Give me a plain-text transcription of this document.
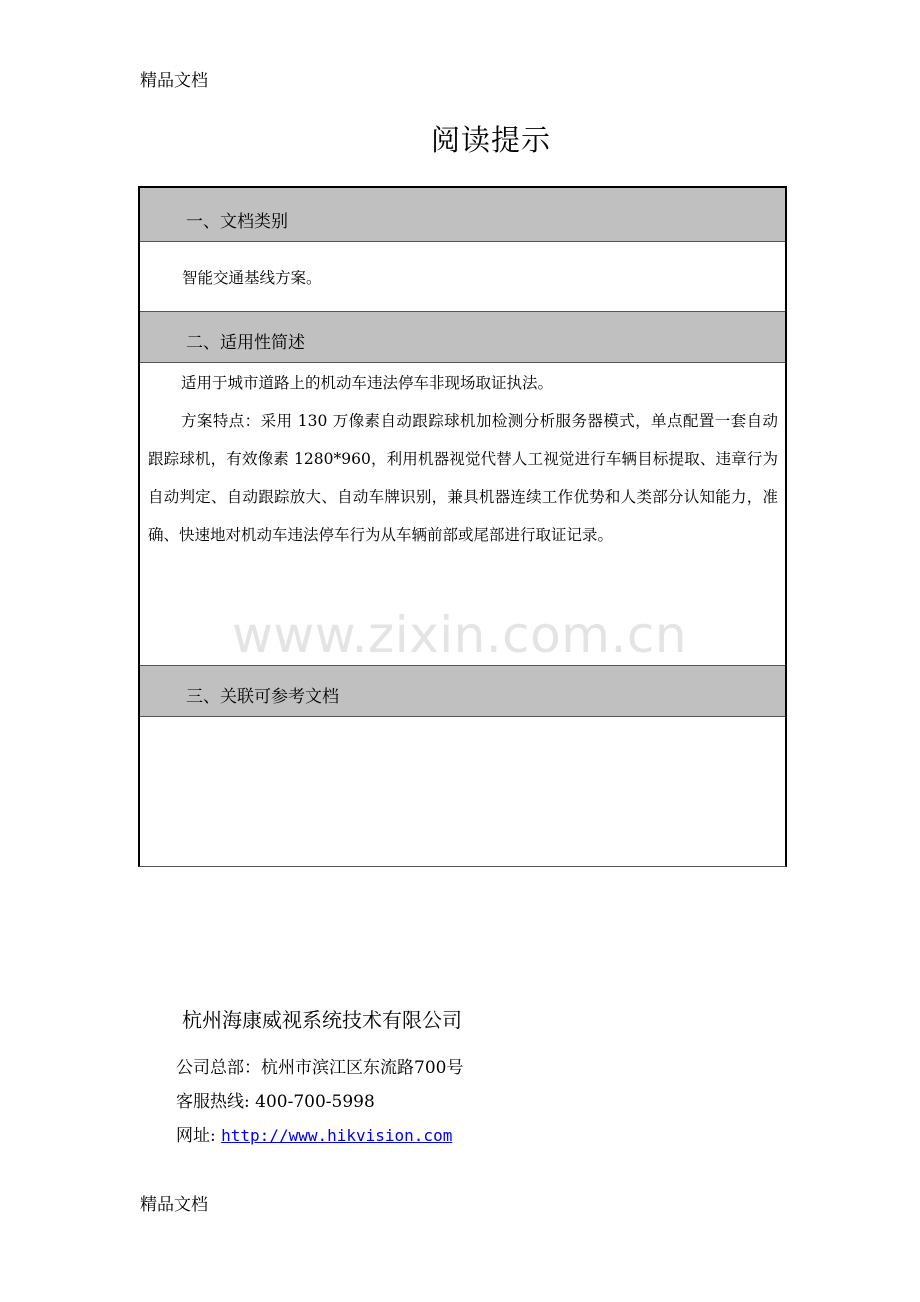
精品文档
阅读提示
一、文档类别
智能交通基线方案。
二、适用性简述
适用于城市道路上的机动车违法停车非现场取证执法。
方案特点：采用 130 万像素自动跟踪球机加检测分析服务器模式，单点配置一套自动跟踪球机，有效像素 1280*960，利用机器视觉代替人工视觉进行车辆目标提取、违章行为自动判定、自动跟踪放大、自动车牌识别，兼具机器连续工作优势和人类部分认知能力，准确、快速地对机动车违法停车行为从车辆前部或尾部进行取证记录。
三、关联可参考文档
www.zixin.com.cn
杭州海康威视系统技术有限公司
公司总部：杭州市滨江区东流路700号
客服热线: 400-700-5998
网址: http://www.hikvision.com
精品文档
